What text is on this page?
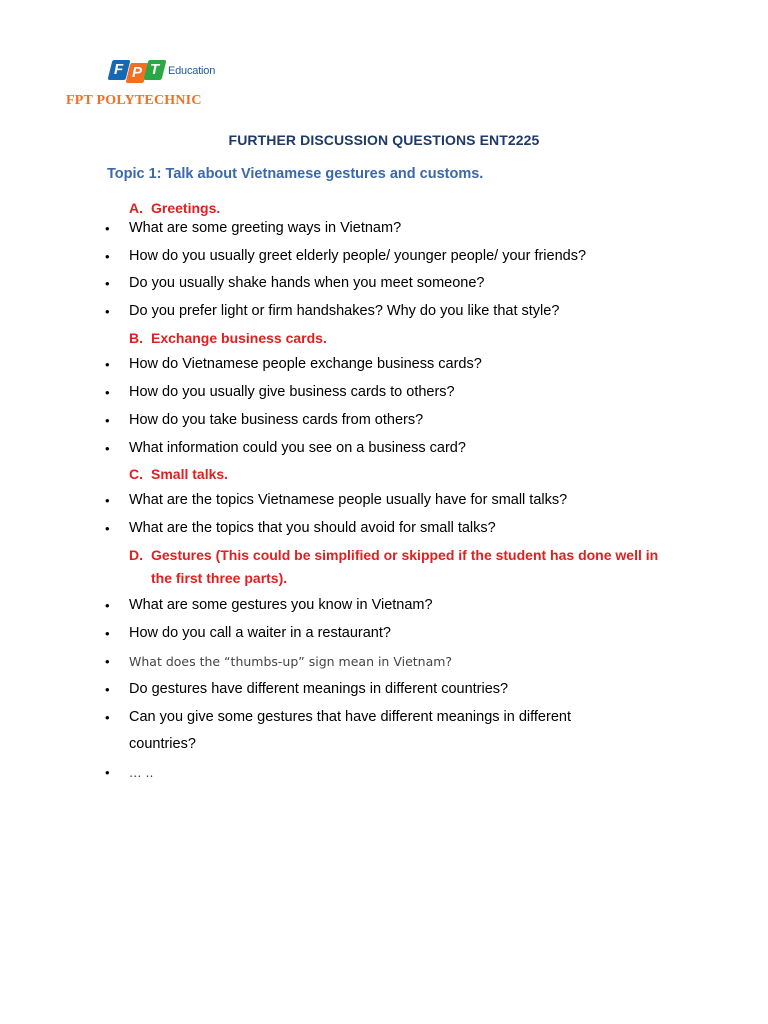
F P T Education
FPT POLYTECHNIC
FURTHER DISCUSSION QUESTIONS ENT2225
Topic 1: Talk about Vietnamese gestures and customs.
A. Greetings.
• What are some greeting ways in Vietnam?
• How do you usually greet elderly people/ younger people/ your friends?
• Do you usually shake hands when you meet someone?
• Do you prefer light or firm handshakes? Why do you like that style?
B. Exchange business cards.
• How do Vietnamese people exchange business cards?
• How do you usually give business cards to others?
• How do you take business cards from others?
• What information could you see on a business card?
C. Small talks.
• What are the topics Vietnamese people usually have for small talks?
• What are the topics that you should avoid for small talks?
D. Gestures (This could be simplified or skipped if the student has done well in
the first three parts).
• What are some gestures you know in Vietnam?
• How do you call a waiter in a restaurant?
• What does the “thumbs-up” sign mean in Vietnam?
• Do gestures have different meanings in different countries?
• Can you give some gestures that have different meanings in different
countries?
• … ..
